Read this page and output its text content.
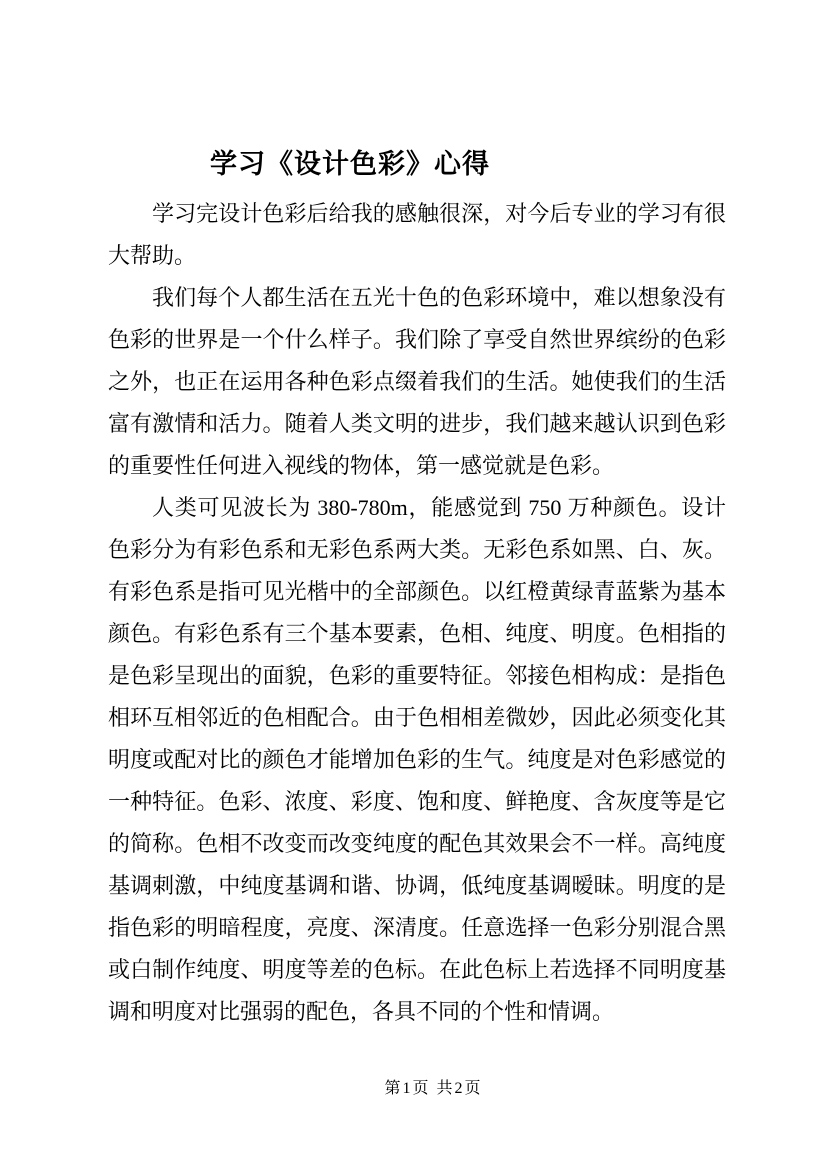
学习《设计色彩》心得

学习完设计色彩后给我的感触很深，对今后专业的学习有很大帮助。

我们每个人都生活在五光十色的色彩环境中，难以想象没有色彩的世界是一个什么样子。我们除了享受自然世界缤纷的色彩之外，也正在运用各种色彩点缀着我们的生活。她使我们的生活富有激情和活力。随着人类文明的进步，我们越来越认识到色彩的重要性任何进入视线的物体，第一感觉就是色彩。

人类可见波长为 380-780m，能感觉到 750 万种颜色。设计色彩分为有彩色系和无彩色系两大类。无彩色系如黑、白、灰。有彩色系是指可见光楷中的全部颜色。以红橙黄绿青蓝紫为基本颜色。有彩色系有三个基本要素，色相、纯度、明度。色相指的是色彩呈现出的面貌，色彩的重要特征。邻接色相构成：是指色相环互相邻近的色相配合。由于色相相差微妙，因此必须变化其明度或配对比的颜色才能增加色彩的生气。纯度是对色彩感觉的一种特征。色彩、浓度、彩度、饱和度、鲜艳度、含灰度等是它的简称。色相不改变而改变纯度的配色其效果会不一样。高纯度基调刺激，中纯度基调和谐、协调，低纯度基调暧昧。明度的是指色彩的明暗程度，亮度、深清度。任意选择一色彩分别混合黑或白制作纯度、明度等差的色标。在此色标上若选择不同明度基调和明度对比强弱的配色，各具不同的个性和情调。

第1页 共2页
